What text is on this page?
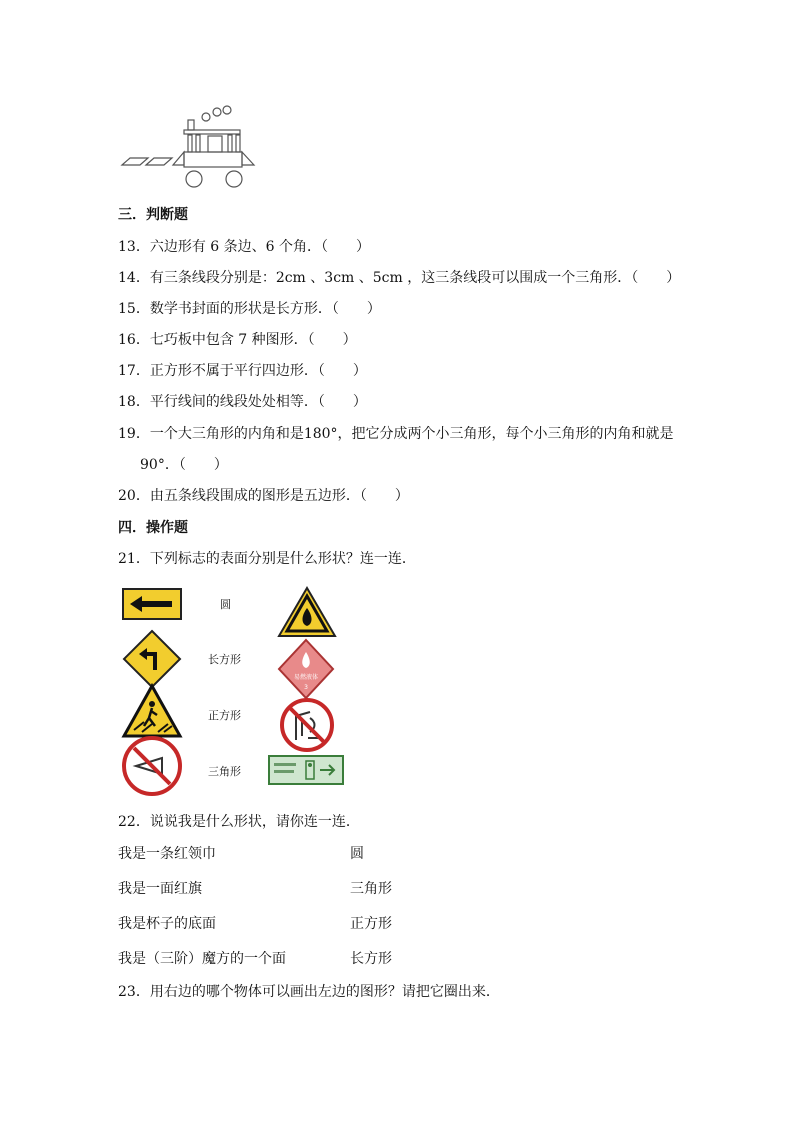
三．判断题
13．六边形有 6 条边、6 个角．（　　）
14．有三条线段分别是：2cm 、3cm 、5cm ，这三条线段可以围成一个三角形．（　　）
15．数学书封面的形状是长方形．（　　）
16．七巧板中包含 7 种图形．（　　）
17．正方形不属于平行四边形．（　　）
18．平行线间的线段处处相等．（　　）
19．一个大三角形的内角和是180°，把它分成两个小三角形，每个小三角形的内角和就是
90°．（　　）
20．由五条线段围成的图形是五边形．（　　）
四．操作题
21．下列标志的表面分别是什么形状？连一连．
圆
长方形
正方形
三角形
易燃液体
3
22．说说我是什么形状，请你连一连．
我是一条红领巾
我是一面红旗
我是杯子的底面
我是（三阶）魔方的一个面
圆
三角形
正方形
长方形
23．用右边的哪个物体可以画出左边的图形？请把它圈出来．
